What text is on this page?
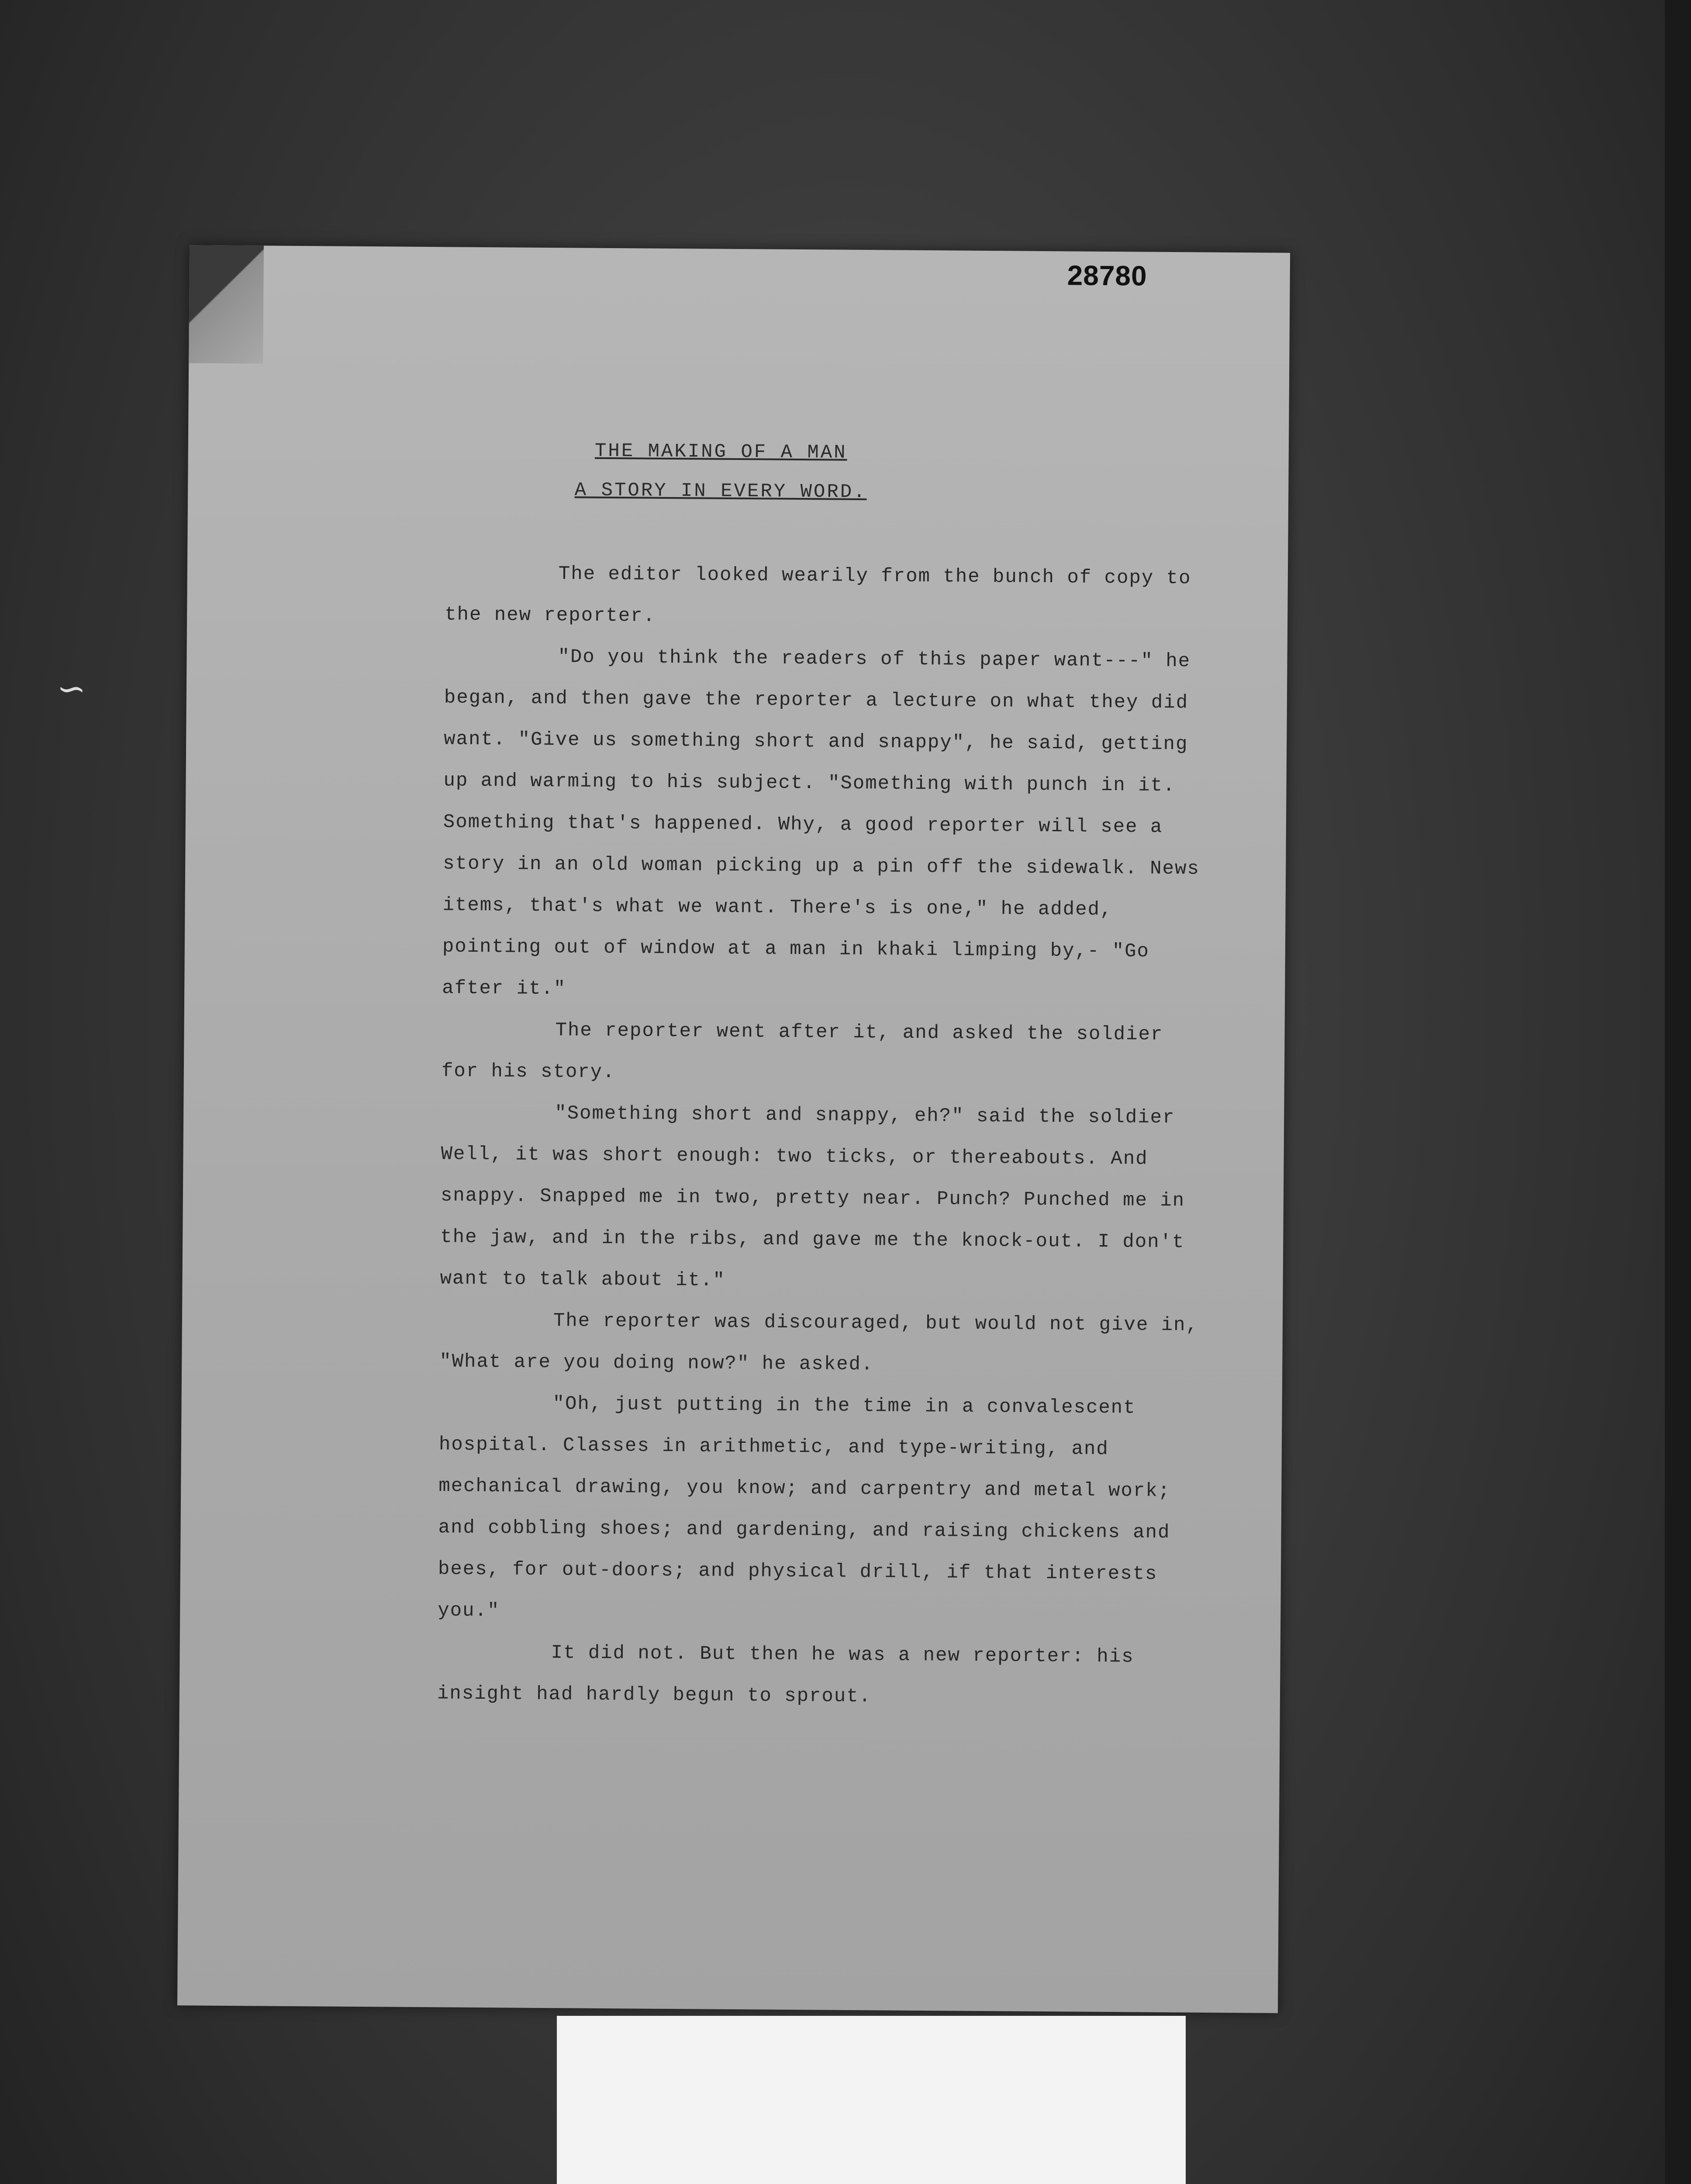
∽
28780
THE MAKING OF A MAN
A STORY IN EVERY WORD.

The editor looked wearily from the bunch of copy to the new reporter.

"Do you think the readers of this paper want---" he began, and then gave the reporter a lecture on what they did want. "Give us something short and snappy", he said, getting up and warming to his subject. "Something with punch in it. Something that's happened. Why, a good reporter will see a story in an old woman picking up a pin off the sidewalk. News items, that's what we want. There's is one," he added, pointing out of window at a man in khaki limping by,- "Go after it."

The reporter went after it, and asked the soldier for his story.

"Something short and snappy, eh?" said the soldier Well, it was short enough: two ticks, or thereabouts. And snappy. Snapped me in two, pretty near. Punch? Punched me in the jaw, and in the ribs, and gave me the knock-out. I don't want to talk about it."

The reporter was discouraged, but would not give in, "What are you doing now?" he asked.

"Oh, just putting in the time in a convalescent hospital. Classes in arithmetic, and type-writing, and mechanical drawing, you know; and carpentry and metal work; and cobbling shoes; and gardening, and raising chickens and bees, for out-doors; and physical drill, if that interests you."

It did not. But then he was a new reporter: his insight had hardly begun to sprout.
